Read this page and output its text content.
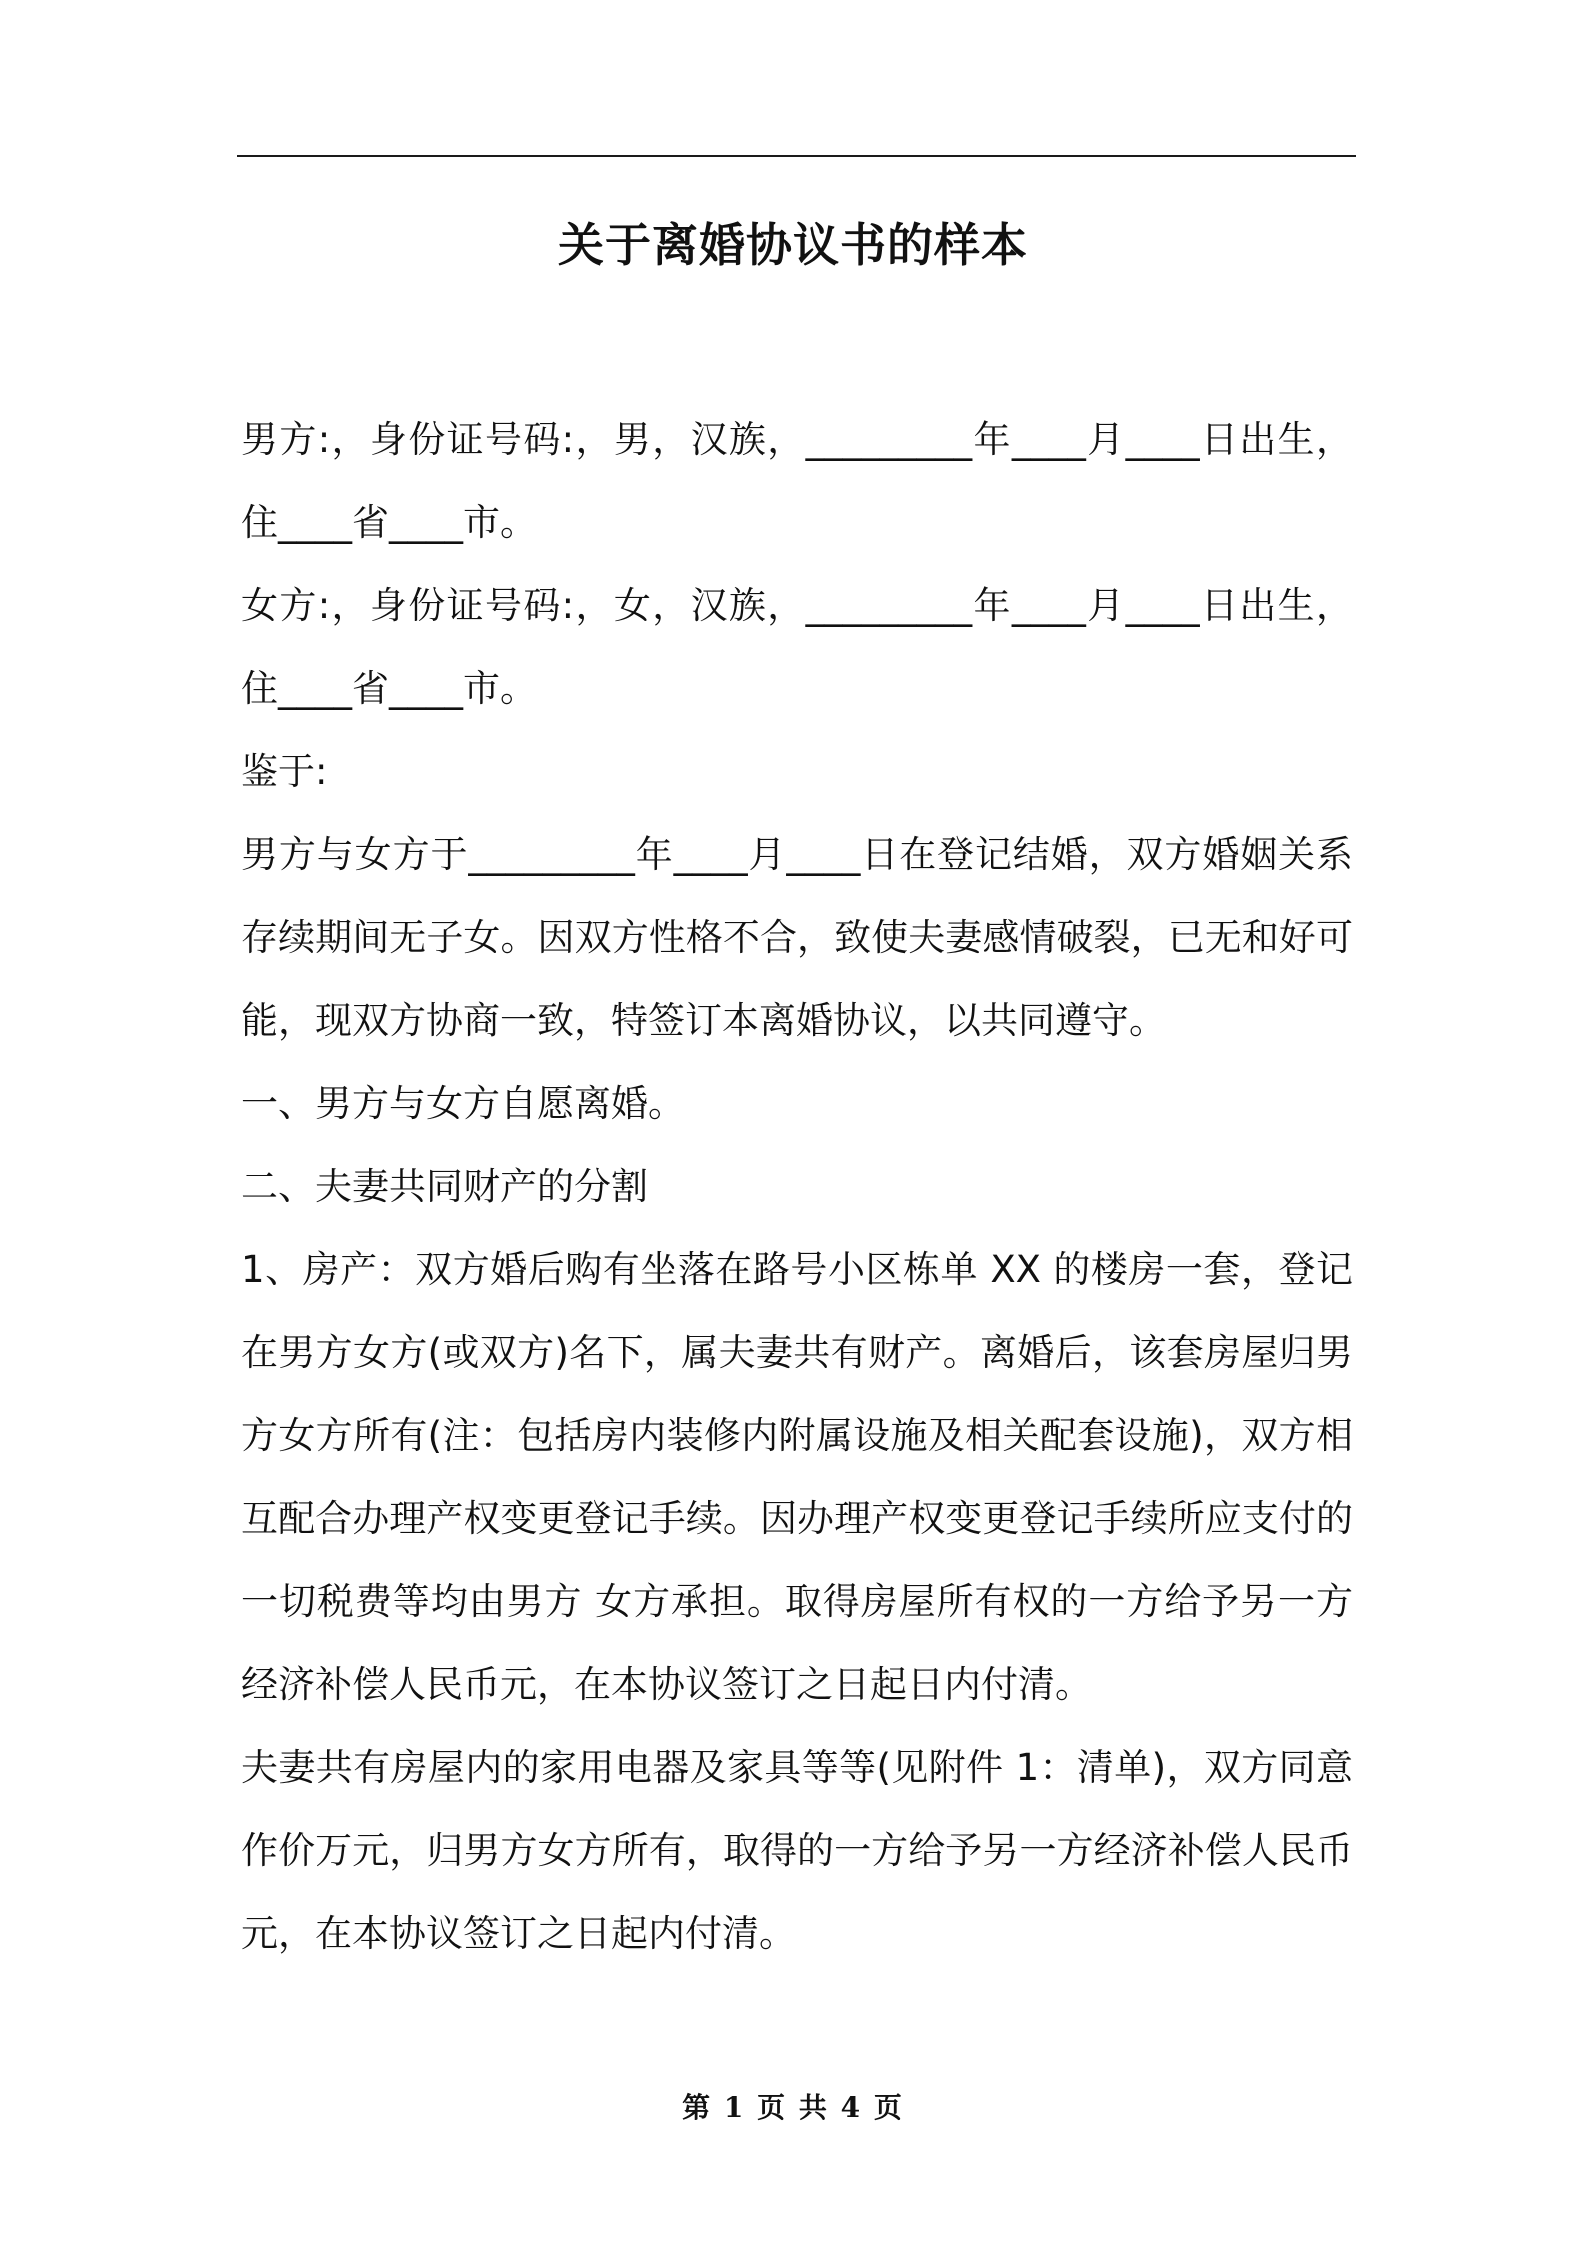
关于离婚协议书的样本

男方:，身份证号码:，男，汉族，_________年____月____日出生，住____省____市。

女方:，身份证号码:，女，汉族，_________年____月____日出生，住____省____市。

鉴于:

男方与女方于_________年____月____日在登记结婚，双方婚姻关系存续期间无子女。因双方性格不合，致使夫妻感情破裂，已无和好可能，现双方协商一致，特签订本离婚协议，以共同遵守。

一、男方与女方自愿离婚。

二、夫妻共同财产的分割

1、房产：双方婚后购有坐落在路号小区栋单 XX 的楼房一套，登记在男方女方(或双方)名下，属夫妻共有财产。离婚后，该套房屋归男方女方所有(注：包括房内装修内附属设施及相关配套设施)，双方相互配合办理产权变更登记手续。因办理产权变更登记手续所应支付的一切税费等均由男方 女方承担。取得房屋所有权的一方给予另一方经济补偿人民币元，在本协议签订之日起日内付清。

夫妻共有房屋内的家用电器及家具等等(见附件 1：清单)，双方同意作价万元，归男方女方所有，取得的一方给予另一方经济补偿人民币元，在本协议签订之日起内付清。

第 1 页 共 4 页
